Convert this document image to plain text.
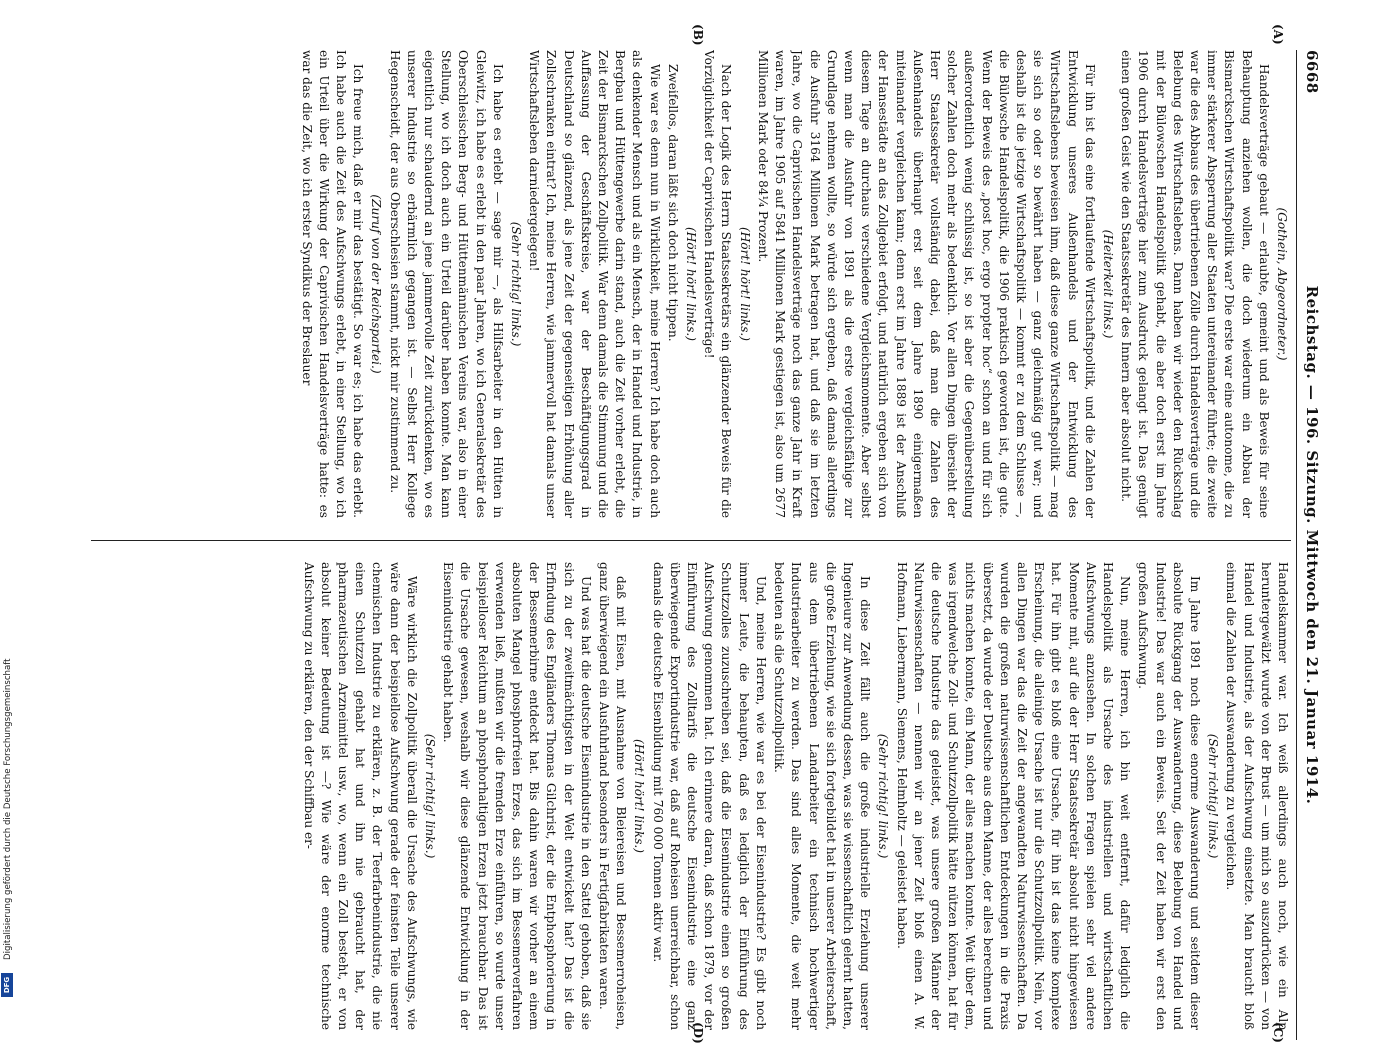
6668
Reichstag. — 196. Sitzung. Mittwoch den 21. Januar 1914.

(Gothein, Abgeordneter.)

Handelsverträge gebaut — erlaubte, gemeint und als Beweis für seine Behauptung anziehen wollen, die doch wiederum ein Abbau der Bismarckschen Wirtschaftspolitik war? Die erste war eine autonome, die zu immer stärkerer Absperrung aller Staaten untereinander führte; die zweite war die des Abbaus des übertriebenen Zölle durch Handelsverträge und die Belebung des Wirtschaftslebens. Dann haben wir wieder den Rückschlag mit der Bülowschen Handelspolitik gehabt, die aber doch erst im Jahre 1906 durch Handelsverträge hier zum Ausdruck gelangt ist. Das genügt einen großen Geist wie den Staatssekretär des Innern aber absolut nicht.

(Heiterkeit links.)

Für ihn ist das eine fortlaufende Wirtschaftspolitik, und die Zahlen der Entwicklung unseres Außenhandels und der Entwicklung des Wirtschaftslebens beweisen ihm, daß diese ganze Wirtschaftspolitik — mag sie sich so oder so bewährt haben — ganz gleichmäßig gut war; und deshalb ist die jetzige Wirtschaftspolitik — kommt er zu dem Schlusse —, die Bülowsche Handelspolitik, die 1906 praktisch geworden ist, die gute. Wenn der Beweis des „post hoc, ergo propter hoc“ schon an und für sich außerordentlich wenig schlüssig ist, so ist aber die Gegenüberstellung solcher Zahlen doch mehr als bedenklich. Vor allen Dingen übersieht der Herr Staatssekretär vollständig dabei, daß man die Zahlen des Außenhandels überhaupt erst seit dem Jahre 1890 einigermaßen miteinander vergleichen kann; denn erst im Jahre 1889 ist der Anschluß der Hansestädte an das Zollgebiet erfolgt, und natürlich ergeben sich von diesem Tage an durchaus verschiedene Vergleichsmomente. Aber selbst wenn man die Ausfuhr von 1891 als die erste vergleichsfähige zur Grundlage nehmen wollte, so würde sich ergeben, daß damals allerdings die Ausfuhr 3164 Millionen Mark betragen hat, und daß sie im letzten Jahre, wo die Caprivischen Handelsverträge noch das ganze Jahr in Kraft waren, im Jahre 1905 auf 5841 Millionen Mark gestiegen ist, also um 2677 Millionen Mark oder 84¼ Prozent.

(Hört! hört! links.)

Nach der Logik des Herrn Staatssekretärs ein glänzender Beweis für die Vorzüglichkeit der Caprivischen Handelsverträge!

(Hört! hört! links.)

Zweifellos, daran läßt sich doch nicht tippen.

Wie war es denn nun in Wirklichkeit, meine Herren? Ich habe doch auch als denkender Mensch und als ein Mensch, der in Handel und Industrie, in Bergbau und Hüttengewerbe darin stand, auch die Zeit vorher erlebt, die Zeit der Bismarckschen Zollpolitik. War denn damals die Stimmung und die Auffassung der Geschäftskreise, war der Beschäftigungsgrad in Deutschland so glänzend, als jene Zeit der gegenseitigen Erhöhung aller Zollschranken eintrat? Ich, meine Herren, wie jammervoll hat damals unser Wirtschaftsleben darniedergelegen!

(Sehr richtig! links.)

Ich habe es erlebt — sage mir —, als Hilfsarbeiter in den Hütten in Gleiwitz, ich habe es erlebt in den paar Jahren, wo ich Generalsekretär des Oberschlesischen Berg- und Hüttenmännischen Vereins war, also in einer Stellung, wo ich doch auch ein Urteil darüber haben konnte. Man kann eigentlich nur schaudernd an jene jammervolle Zeit zurückdenken, wo es unserer Industrie so erbärmlich gegangen ist. — Selbst Herr Kollege Hegenscheidt, der aus Oberschlesien stammt, nickt mir zustimmend zu.

(Zuruf von der Reichspartei.)

Ich freue mich, daß er mir das bestätigt. So war es; ich habe das erlebt. Ich habe auch die Zeit des Aufschwungs erlebt, in einer Stellung, wo ich ein Urteil über die Wirkung der Caprivischen Handelsverträge hatte: es war das die Zeit, wo ich erster Syndikus der Breslauer

Handelskammer war. Ich weiß allerdings auch noch, wie ein Alp heruntergewälzt wurde von der Brust — um mich so auszudrücken — von Handel und Industrie, als der Aufschwung einsetzte. Man braucht bloß einmal die Zahlen der Auswanderung zu vergleichen.

(Sehr richtig! links.)

Im Jahre 1891 noch diese enorme Auswanderung und seitdem dieser absolute Rückgang der Auswanderung, diese Belebung von Handel und Industrie! Das war auch ein Beweis. Seit der Zeit haben wir erst den großen Aufschwung.

Nun, meine Herren, ich bin weit entfernt, dafür lediglich die Handelspolitik als Ursache des industriellen und wirtschaftlichen Aufschwungs anzusehen. In solchen Fragen spielen sehr viel andere Momente mit, auf die der Herr Staatssekretär absolut nicht hingewiesen hat. Für ihn gibt es bloß eine Ursache, für ihn ist das keine komplexe Erscheinung, die alleinige Ursache ist nur die Schutzzollpolitik. Nein, vor allen Dingen war das die Zeit der angewandten Naturwissenschaften. Da wurden die großen naturwissenschaftlichen Entdeckungen in die Praxis übersetzt, da wurde der Deutsche aus dem Manne, der alles berechnen und nichts machen konnte, ein Mann, der alles machen konnte. Weit über dem, was irgendwelche Zoll- und Schutzzollpolitik hätte nützen können, hat für die deutsche Industrie das geleistet, was unsere großen Männer der Naturwissenschaften — nennen wir an jener Zeit bloß einen A. W. Hofmann, Liebermann, Siemens, Helmholtz — geleistet haben.

(Sehr richtig! links.)

In diese Zeit fällt auch die große industrielle Erziehung unserer Ingenieure zur Anwendung dessen, was sie wissenschaftlich gelernt hatten, die große Erziehung, wie sie sich fortgebildet hat in unserer Arbeiterschaft, aus dem übertriebenen Landarbeiter ein technisch hochwertiger Industriearbeiter zu werden. Das sind alles Momente, die weit mehr bedeuten als die Schutzzollpolitik.

Und, meine Herren, wie war es bei der Eisenindustrie? Es gibt noch immer Leute, die behaupten, daß es lediglich der Einführung des Schutzzolles zuzuschreiben sei, daß die Eisenindustrie einen so großen Aufschwung genommen hat. Ich erinnere daran, daß schon 1879, vor der Einführung des Zolltarifs die deutsche Eisenindustrie eine ganz überwiegende Exportindustrie war, daß auf Roheisen unerreichbar, schon damals die deutsche Eisenbildung mit 760 000 Tonnen aktiv war.

(Hört! hört! links.)

daß mit Eisen, mit Ausnahme von Bleiereisen und Bessemerroheisen, ganz überwiegend ein Ausfuhrland besonders in Fertigfabrikaten waren.

Und was hat die deutsche Eisenindustrie in den Sattel gehoben, daß sie sich zu der zweitmächtigsten in der Welt entwickelt hat? Das ist die Erfindung des Engländers Thomas Gilchrist, der die Entphosphorierung in der Bessemerbirne entdeckt hat. Bis dahin waren wir vorher an einem absoluten Mangel phosphorfreien Erzes, das sich im Bessemerverfahren verwenden ließ, mußten wir die fremden Erze einführen, so wurde unser beispielloser Reichtum an phosphorhaltigen Erzen jetzt brauchbar. Das ist die Ursache gewesen, weshalb wir diese glänzende Entwicklung in der Eisenindustrie gehabt haben.

(Sehr richtig! links.)

Wäre wirklich die Zollpolitik überall die Ursache des Aufschwungs, wie wäre dann der beispiellose Aufschwung gerade der feinsten Teile unserer chemischen Industrie zu erklären, z. B. der Teerfarbenindustrie, die nie einen Schutzzoll gehabt hat und ihn nie gebraucht hat, der pharmazeutischen Arzneimittel usw., wo, wenn ein Zoll besteht, er von absolut keiner Bedeutung ist —? Wie wäre der enorme technische Aufschwung zu erklären, den der Schiffbau er-

(A)
(B)
(C)
(D)
Digitalisierung gefördert durch die Deutsche Forschungsgemeinschaft
DFG
